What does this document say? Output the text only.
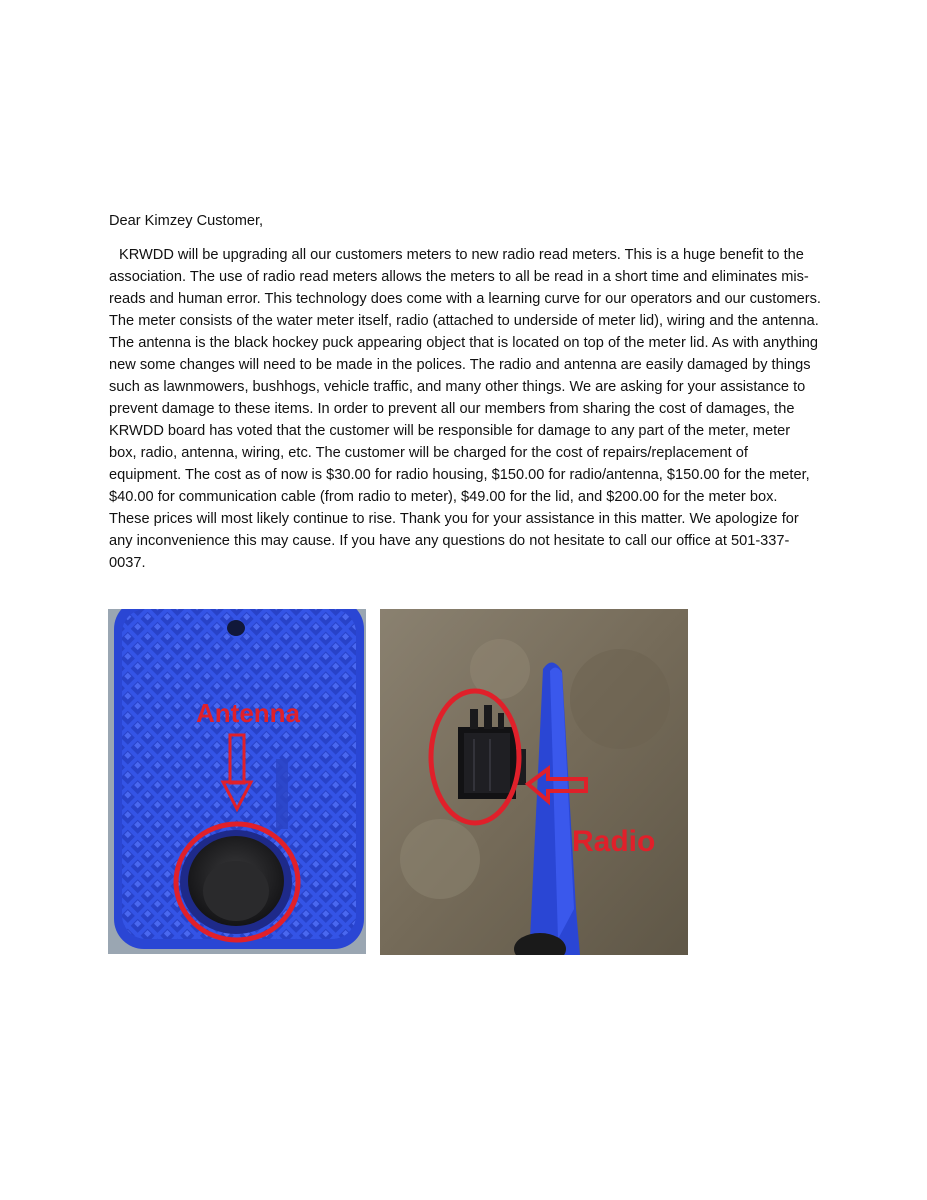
Dear Kimzey Customer,

KRWDD will be upgrading all our customers meters to new radio read meters. This is a huge benefit to the association. The use of radio read meters allows the meters to all be read in a short time and eliminates mis-reads and human error. This technology does come with a learning curve for our operators and our customers. The meter consists of the water meter itself, radio (attached to underside of meter lid), wiring and the antenna. The antenna is the black hockey puck appearing object that is located on top of the meter lid. As with anything new some changes will need to be made in the polices. The radio and antenna are easily damaged by things such as lawnmowers, bushhogs, vehicle traffic, and many other things. We are asking for your assistance to prevent damage to these items. In order to prevent all our members from sharing the cost of damages, the KRWDD board has voted that the customer will be responsible for damage to any part of the meter, meter box, radio, antenna, wiring, etc. The customer will be charged for the cost of repairs/replacement of equipment. The cost as of now is $30.00 for radio housing, $150.00 for radio/antenna, $150.00 for the meter, $40.00 for communication cable (from radio to meter), $49.00 for the lid, and $200.00 for the meter box. These prices will most likely continue to rise. Thank you for your assistance in this matter. We apologize for any inconvenience this may cause. If you have any questions do not hesitate to call our office at 501-337-0037.

Antenna
Radio
